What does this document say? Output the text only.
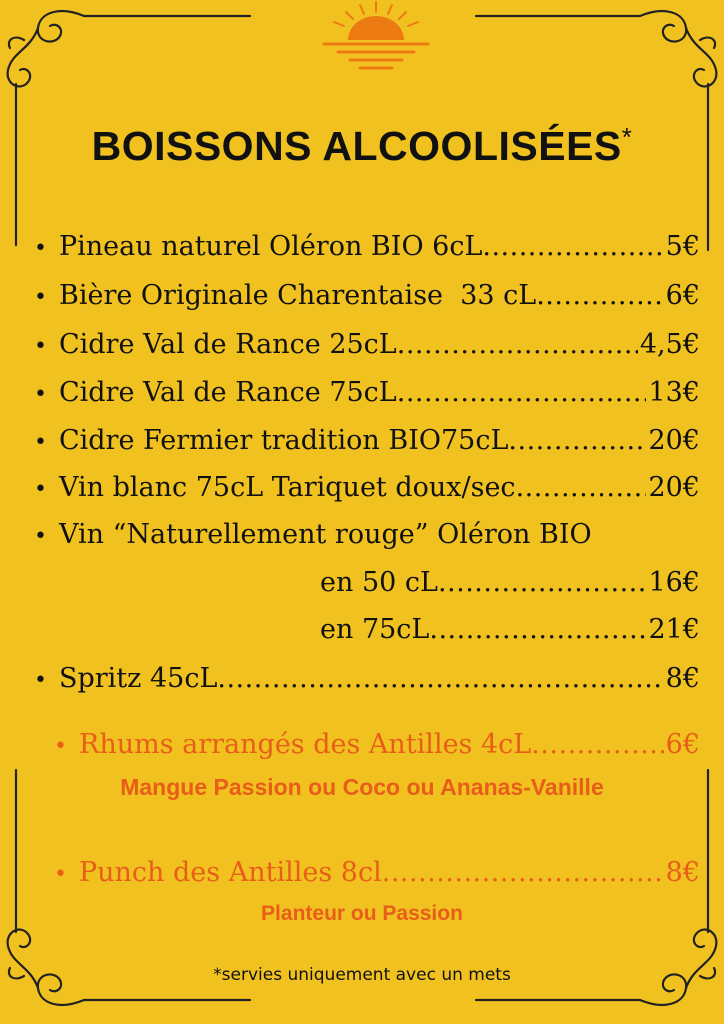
BOISSONS ALCOOLISÉES*
• Pineau naturel Oléron BIO 6cL .....	5€
• Bière Originale Charentaise  33 cL .....	6€
• Cidre Val de Rance 25cL .....	4,5€
• Cidre Val de Rance 75cL .....	13€
• Cidre Fermier tradition BIO75cL .....	20€
• Vin blanc 75cL Tariquet doux/sec .....	20€
• Vin “Naturellement rouge” Oléron BIO
en 50 cL .....	16€
en 75cL .....	21€
• Spritz 45cL .....	8€
• Rhums arrangés des Antilles 4cL .....	6€
Mangue Passion ou Coco ou Ananas-Vanille
• Punch des Antilles 8cl .....	8€
Planteur ou Passion
*servies uniquement avec un mets
